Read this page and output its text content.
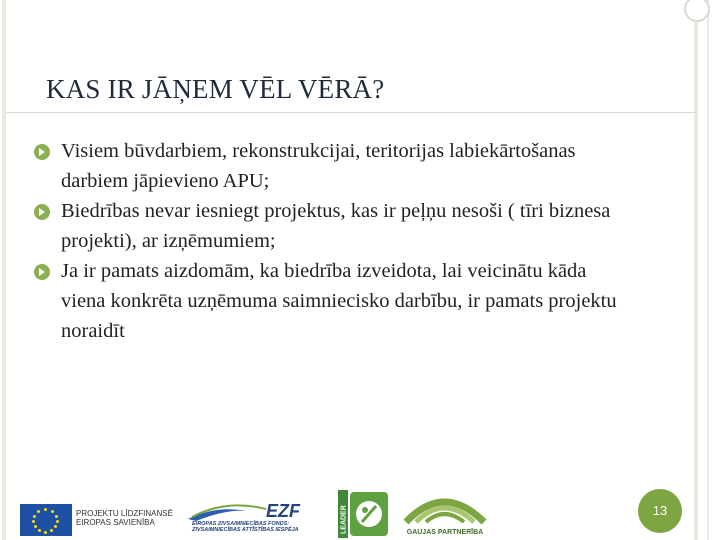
KAS IR JĀŅEM VĒL VĒRĀ?
Visiem būvdarbiem, rekonstrukcijai, teritorijas labiekārtošanas darbiem jāpievieno APU;
Biedrības nevar iesniegt projektus, kas ir peļņu nesoši ( tīri biznesa projekti), ar izņēmumiem;
Ja ir pamats aizdomām, ka biedrība izveidota, lai veicinātu kāda viena konkrēta uzņēmuma saimniecisko darbību, ir pamats projektu noraidīt
13
PROJEKTU LĪDZFINANSĒ
EIROPAS SAVIENĪBA
EZF
EIROPAS ZIVSAIMNIECĪBAS FONDS:
ZIVSAIMNIECĪBAS ATTĪSTĪBAS IESPĒJA	LEADER	GAUJAS PARTNERĪBA
